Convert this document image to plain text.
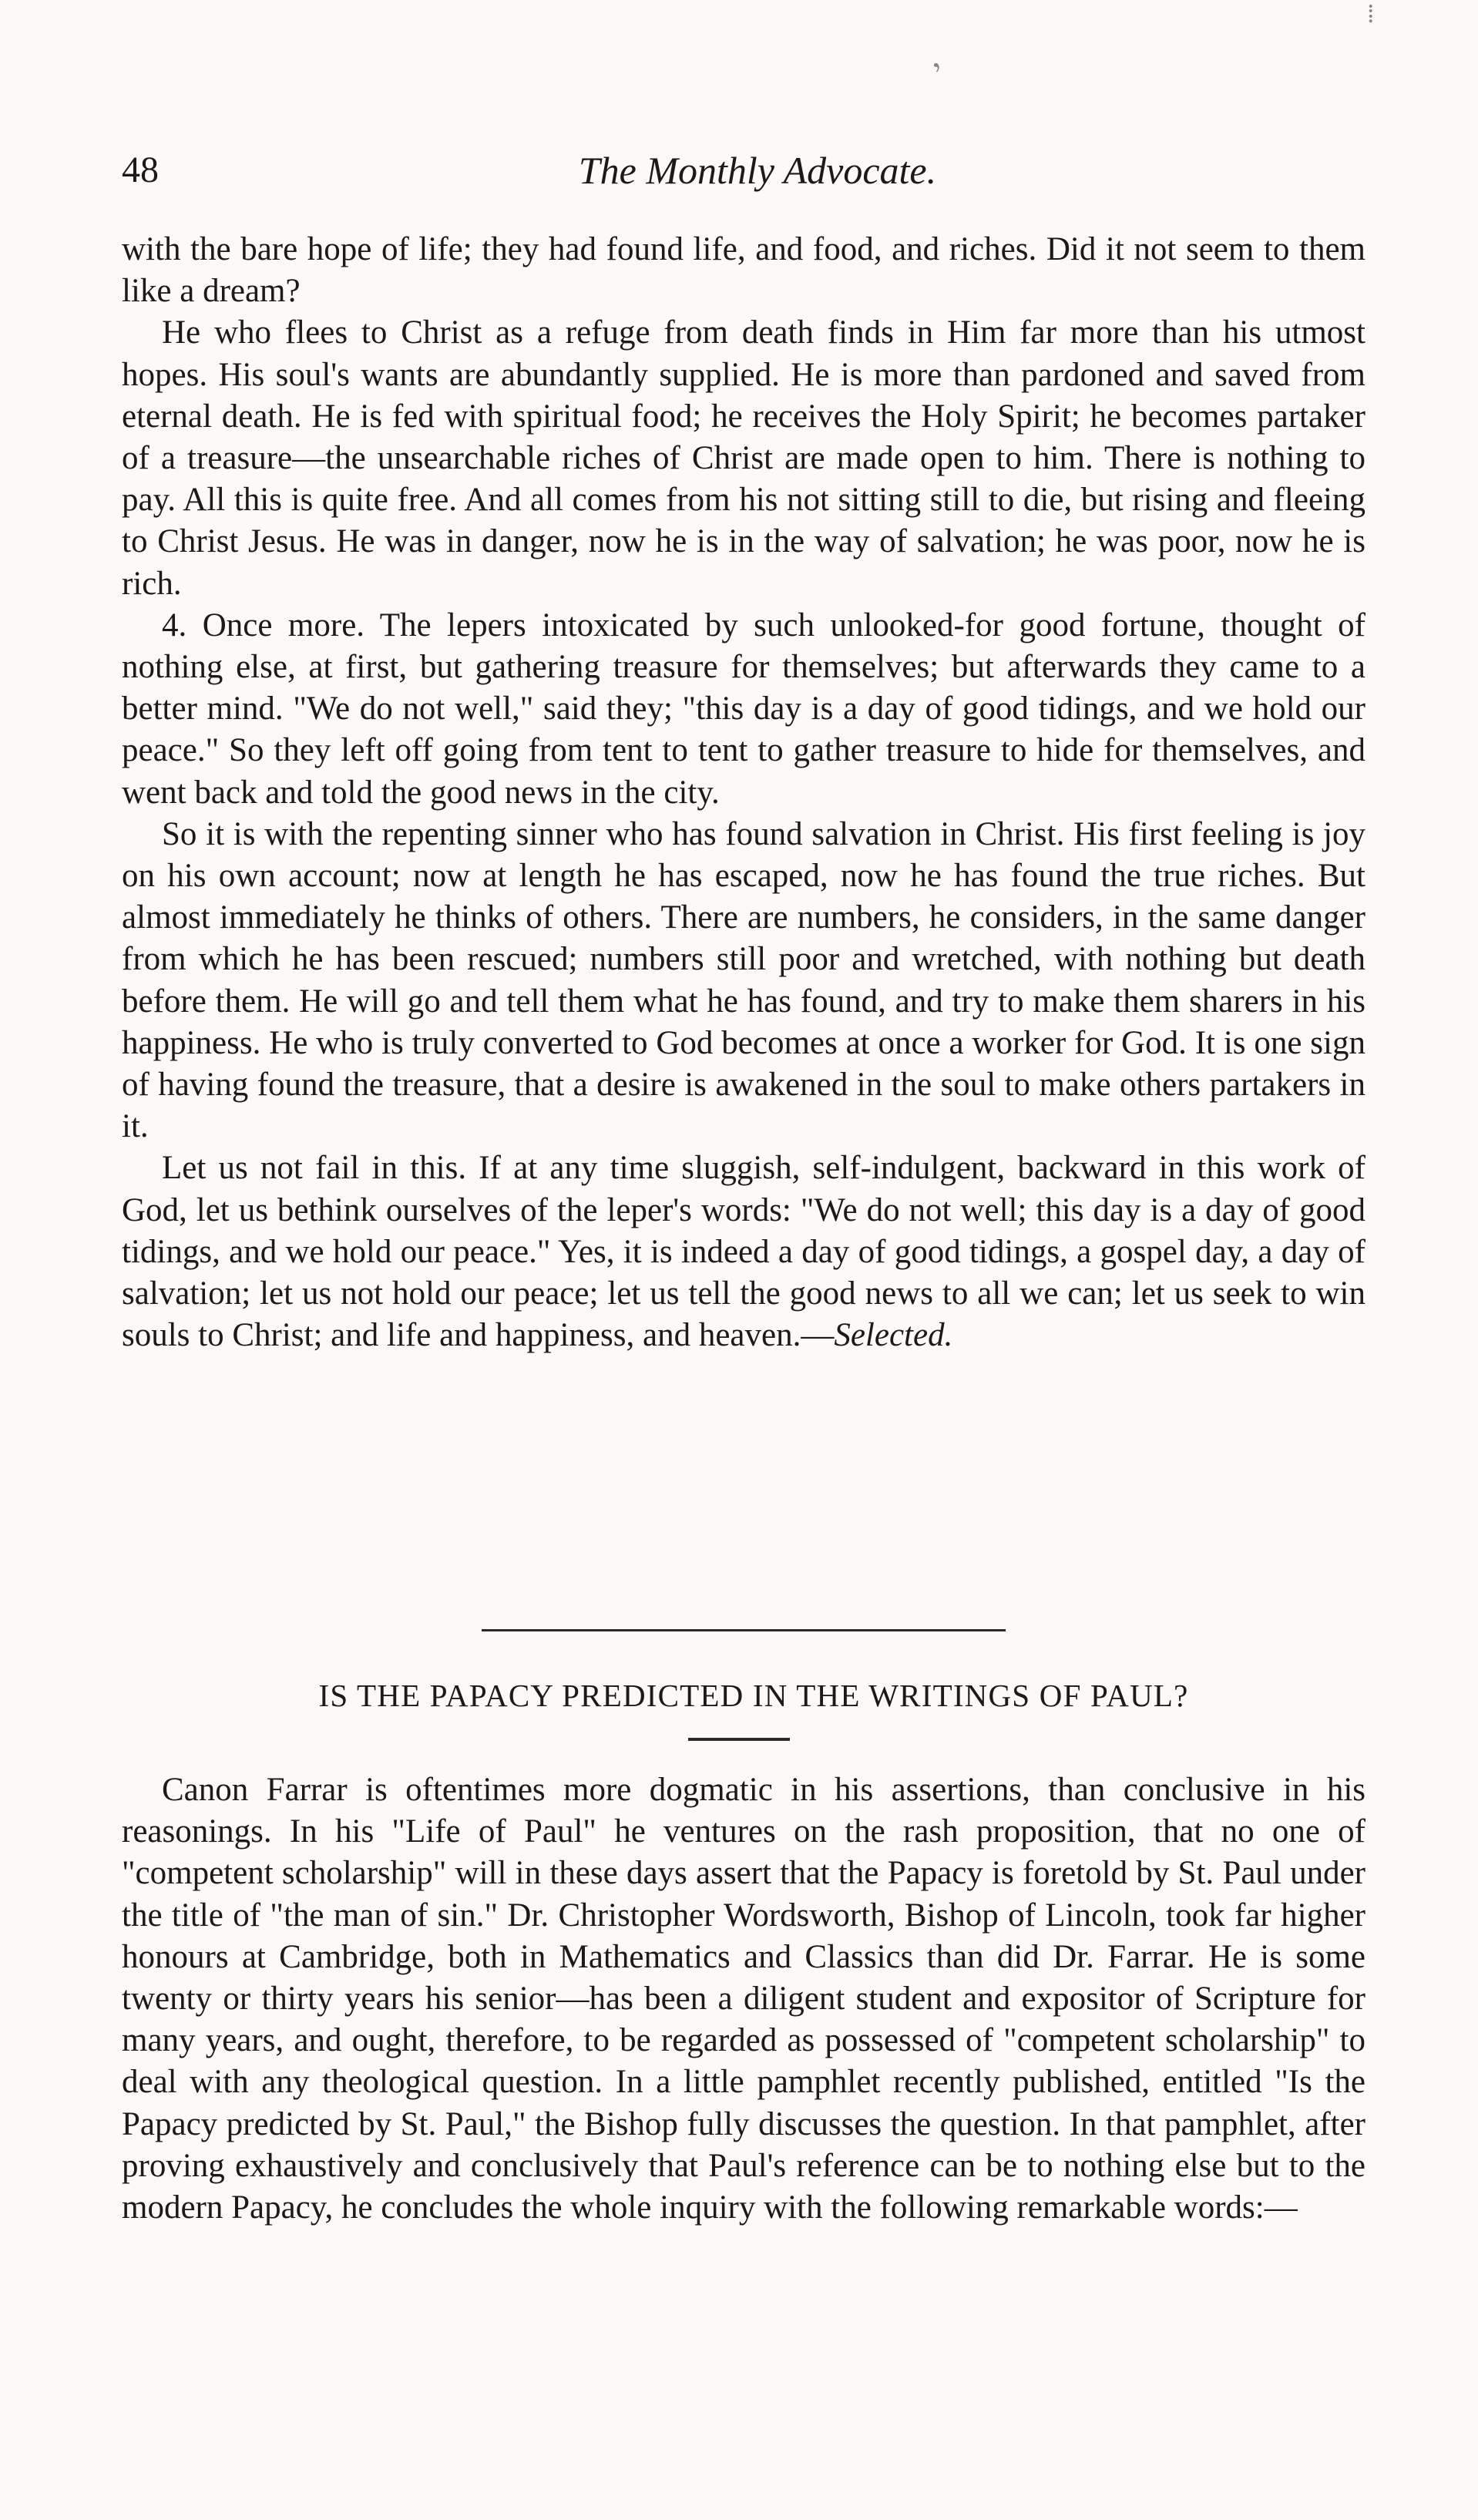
⁞
,
48	The Monthly Advocate.

with the bare hope of life; they had found life, and food, and riches. Did it not seem to them like a dream?

He who flees to Christ as a refuge from death finds in Him far more than his utmost hopes. His soul's wants are abundantly supplied. He is more than pardoned and saved from eternal death. He is fed with spiritual food; he receives the Holy Spirit; he becomes partaker of a treasure—the unsearchable riches of Christ are made open to him. There is nothing to pay. All this is quite free. And all comes from his not sitting still to die, but rising and fleeing to Christ Jesus. He was in danger, now he is in the way of salvation; he was poor, now he is rich.

4. Once more. The lepers intoxicated by such unlooked-for good fortune, thought of nothing else, at first, but gathering treasure for themselves; but afterwards they came to a better mind. "We do not well," said they; "this day is a day of good tidings, and we hold our peace." So they left off going from tent to tent to gather treasure to hide for themselves, and went back and told the good news in the city.

So it is with the repenting sinner who has found salvation in Christ. His first feeling is joy on his own account; now at length he has escaped, now he has found the true riches. But almost immediately he thinks of others. There are numbers, he considers, in the same danger from which he has been rescued; numbers still poor and wretched, with nothing but death before them. He will go and tell them what he has found, and try to make them sharers in his happiness. He who is truly converted to God becomes at once a worker for God. It is one sign of having found the treasure, that a desire is awakened in the soul to make others partakers in it.

Let us not fail in this. If at any time sluggish, self-indulgent, backward in this work of God, let us bethink ourselves of the leper's words: "We do not well; this day is a day of good tidings, and we hold our peace." Yes, it is indeed a day of good tidings, a gospel day, a day of salvation; let us not hold our peace; let us tell the good news to all we can; let us seek to win souls to Christ; and life and happiness, and heaven.—Selected.

IS THE PAPACY PREDICTED IN THE WRITINGS OF PAUL?

Canon Farrar is oftentimes more dogmatic in his assertions, than conclusive in his reasonings. In his "Life of Paul" he ventures on the rash proposition, that no one of "competent scholarship" will in these days assert that the Papacy is foretold by St. Paul under the title of "the man of sin." Dr. Christopher Wordsworth, Bishop of Lincoln, took far higher honours at Cambridge, both in Mathematics and Classics than did Dr. Farrar. He is some twenty or thirty years his senior—has been a diligent student and expositor of Scripture for many years, and ought, therefore, to be regarded as possessed of "competent scholarship" to deal with any theological question. In a little pamphlet recently published, entitled "Is the Papacy predicted by St. Paul," the Bishop fully discusses the question. In that pamphlet, after proving exhaustively and conclusively that Paul's reference can be to nothing else but to the modern Papacy, he concludes the whole inquiry with the following remarkable words:—
